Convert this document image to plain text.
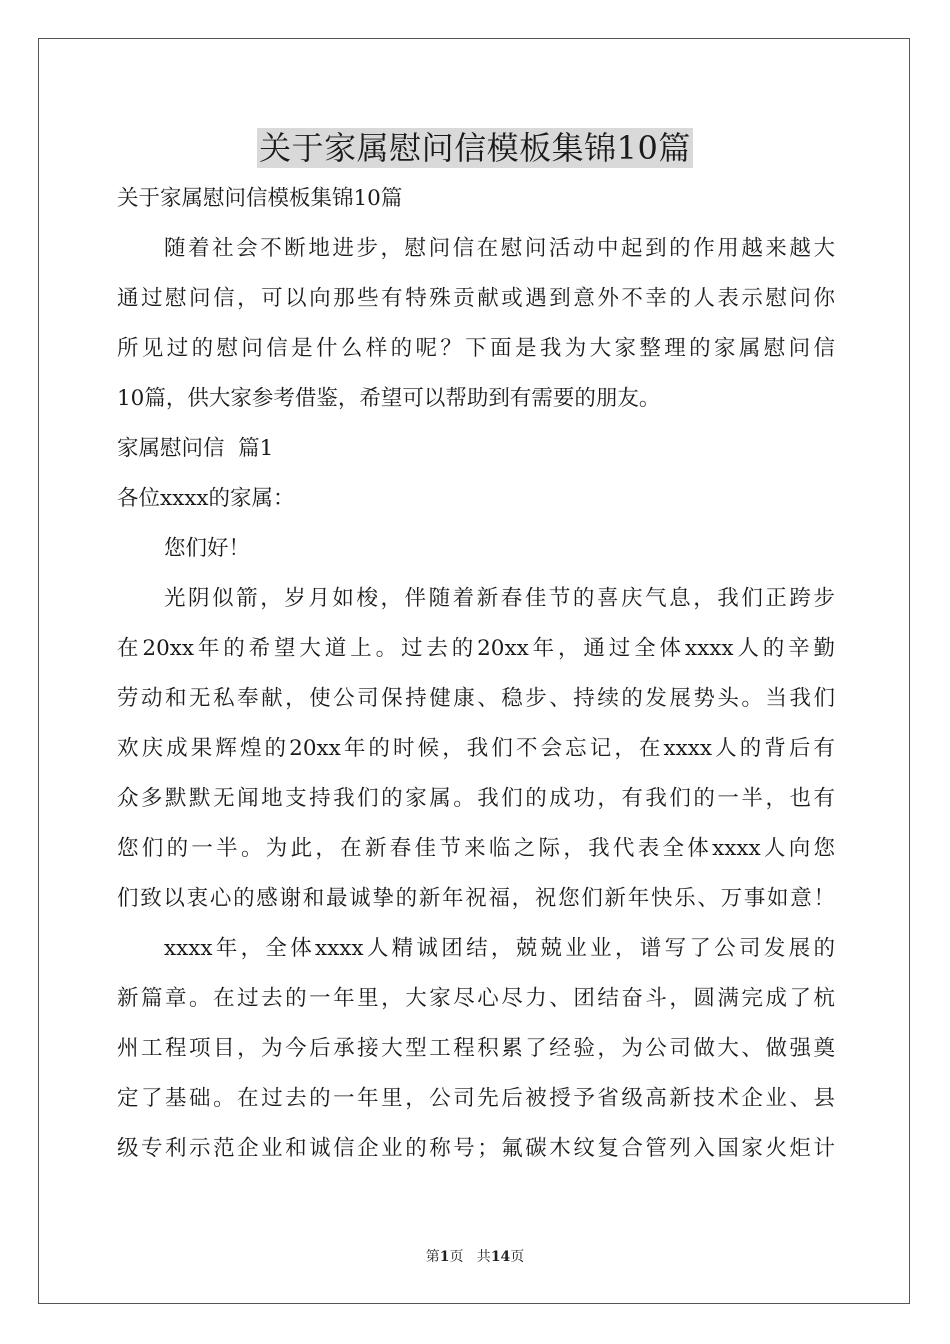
关于家属慰问信模板集锦10篇
关于家属慰问信模板集锦10篇
随着社会不断地进步，慰问信在慰问活动中起到的作用越来越大
通过慰问信，可以向那些有特殊贡献或遇到意外不幸的人表示慰问你
所见过的慰问信是什么样的呢？下面是我为大家整理的家属慰问信
10篇，供大家参考借鉴，希望可以帮助到有需要的朋友。
家属慰问信  篇1
各位xxxx的家属：
您们好！
光阴似箭，岁月如梭，伴随着新春佳节的喜庆气息，我们正跨步
在20xx年的希望大道上。过去的20xx年，通过全体xxxx人的辛勤
劳动和无私奉献，使公司保持健康、稳步、持续的发展势头。当我们
欢庆成果辉煌的20xx年的时候，我们不会忘记，在xxxx人的背后有
众多默默无闻地支持我们的家属。我们的成功，有我们的一半，也有
您们的一半。为此，在新春佳节来临之际，我代表全体xxxx人向您
们致以衷心的感谢和最诚挚的新年祝福，祝您们新年快乐、万事如意！
xxxx年，全体xxxx人精诚团结，兢兢业业，谱写了公司发展的
新篇章。在过去的一年里，大家尽心尽力、团结奋斗，圆满完成了杭
州工程项目，为今后承接大型工程积累了经验，为公司做大、做强奠
定了基础。在过去的一年里，公司先后被授予省级高新技术企业、县
级专利示范企业和诚信企业的称号；氟碳木纹复合管列入国家火炬计
第1页   共14页
